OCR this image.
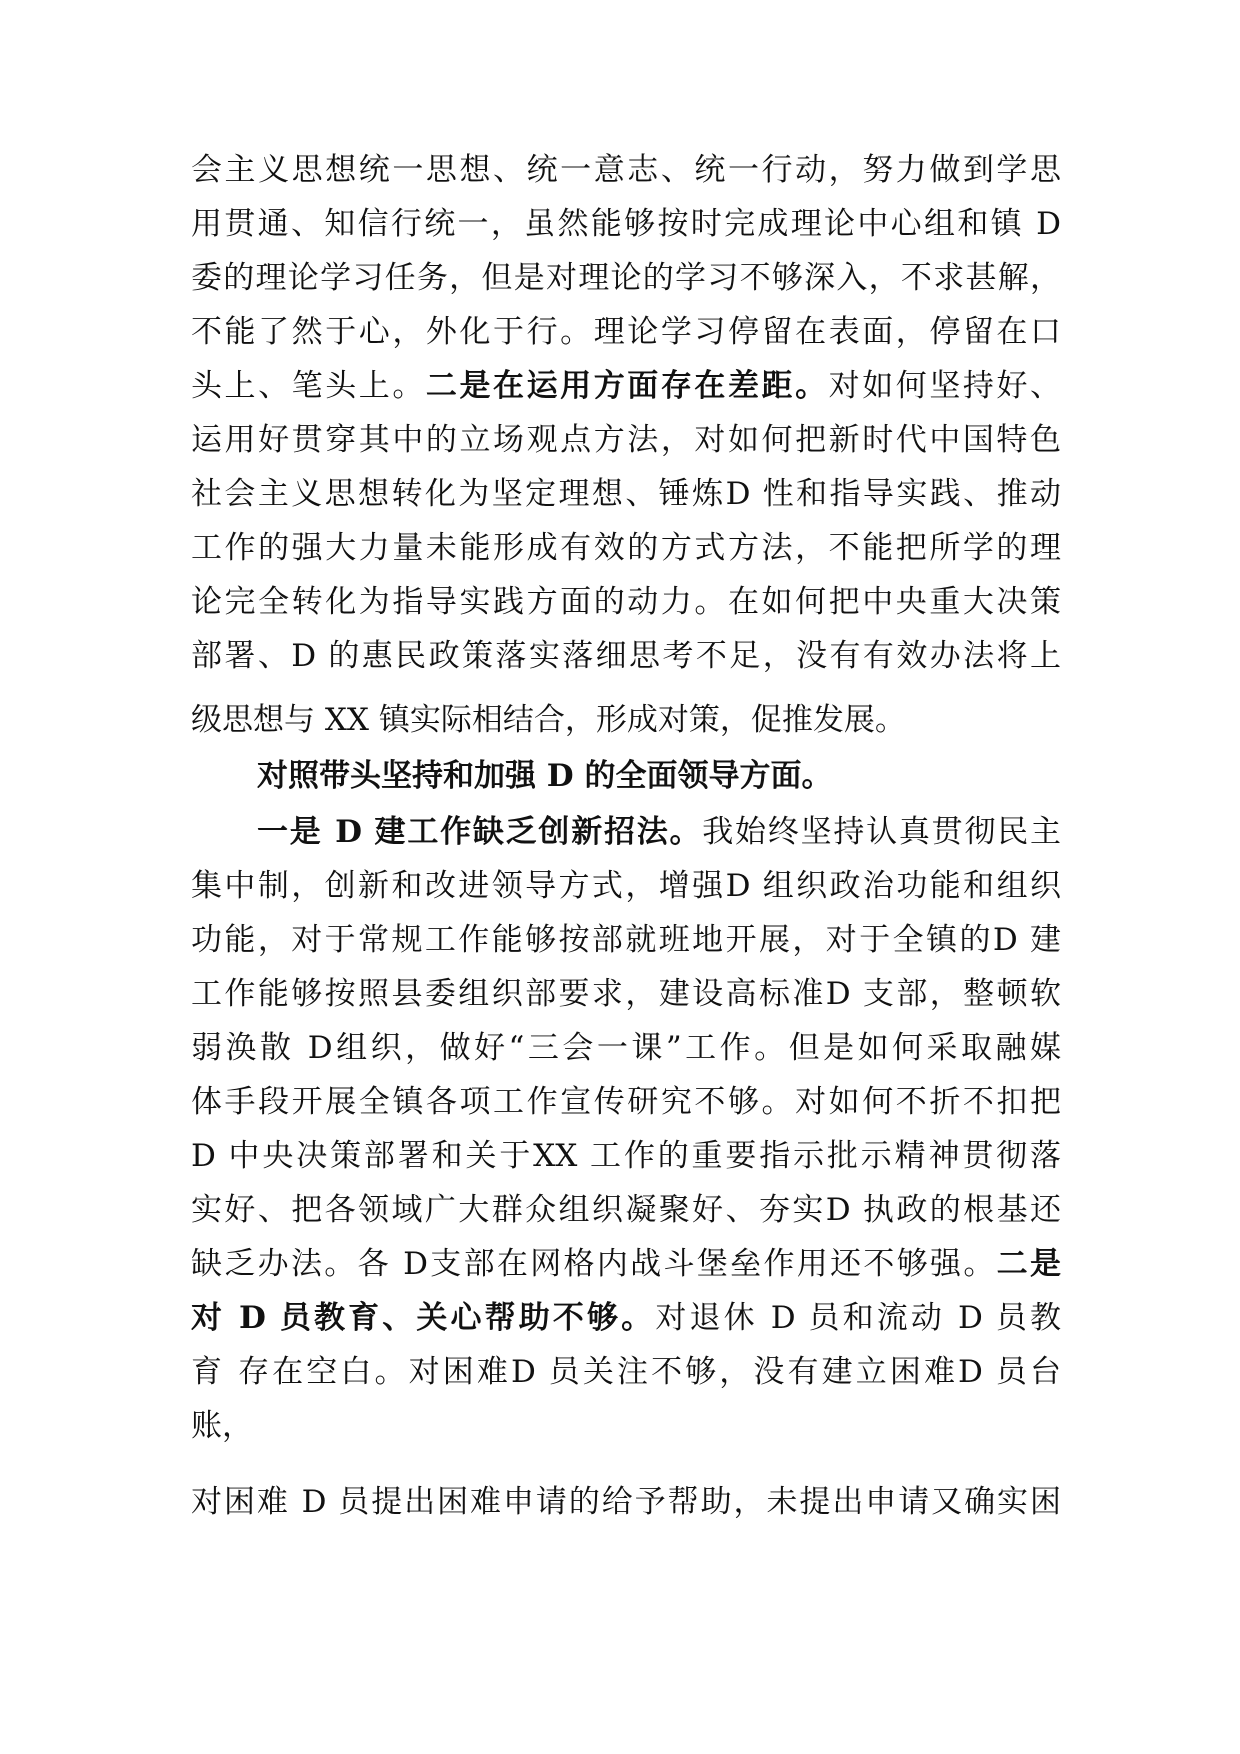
会主义思想统一思想、统一意志、统一行动，努力做到学思
用贯通、知信行统一，虽然能够按时完成理论中心组和镇 D
委的理论学习任务，但是对理论的学习不够深入，不求甚解，
不能了然于心，外化于行。理论学习停留在表面，停留在口
头上、笔头上。二是在运用方面存在差距。对如何坚持好、
运用好贯穿其中的立场观点方法，对如何把新时代中国特色
社会主义思想转化为坚定理想、锤炼D 性和指导实践、推动
工作的强大力量未能形成有效的方式方法，不能把所学的理
论完全转化为指导实践方面的动力。在如何把中央重大决策
部署、D 的惠民政策落实落细思考不足，没有有效办法将上
级思想与 XX 镇实际相结合，形成对策，促推发展。
对照带头坚持和加强 D 的全面领导方面。
一是 D 建工作缺乏创新招法。我始终坚持认真贯彻民主
集中制，创新和改进领导方式，增强D 组织政治功能和组织
功能，对于常规工作能够按部就班地开展，对于全镇的D 建
工作能够按照县委组织部要求，建设高标准D 支部，整顿软
弱涣散 D组织，做好“三会一课”工作。但是如何采取融媒
体手段开展全镇各项工作宣传研究不够。对如何不折不扣把
D 中央决策部署和关于XX 工作的重要指示批示精神贯彻落
实好、把各领域广大群众组织凝聚好、夯实D 执政的根基还
缺乏办法。各 D支部在网格内战斗堡垒作用还不够强。二是
对 D 员教育、关心帮助不够。对退休 D 员和流动 D 员教
育 存在空白。对困难D 员关注不够，没有建立困难D 员台
账，
对困难 D 员提出困难申请的给予帮助，未提出申请又确实困
